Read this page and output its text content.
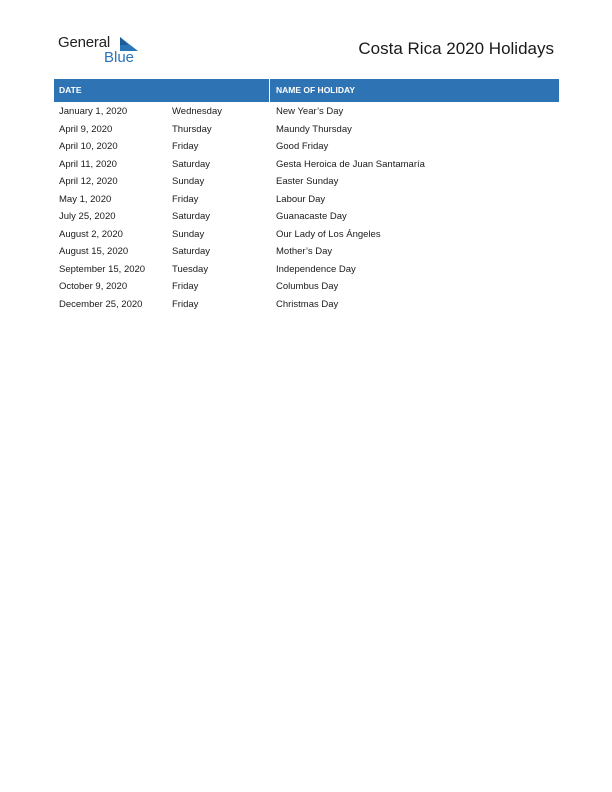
General
Blue	Costa Rica 2020 Holidays
DATE	NAME OF HOLIDAY
January 1, 2020	Wednesday	New Year’s Day
April 9, 2020	Thursday	Maundy Thursday
April 10, 2020	Friday	Good Friday
April 11, 2020	Saturday	Gesta Heroica de Juan Santamaría
April 12, 2020	Sunday	Easter Sunday
May 1, 2020	Friday	Labour Day
July 25, 2020	Saturday	Guanacaste Day
August 2, 2020	Sunday	Our Lady of Los Ángeles
August 15, 2020	Saturday	Mother’s Day
September 15, 2020	Tuesday	Independence Day
October 9, 2020	Friday	Columbus Day
December 25, 2020	Friday	Christmas Day
